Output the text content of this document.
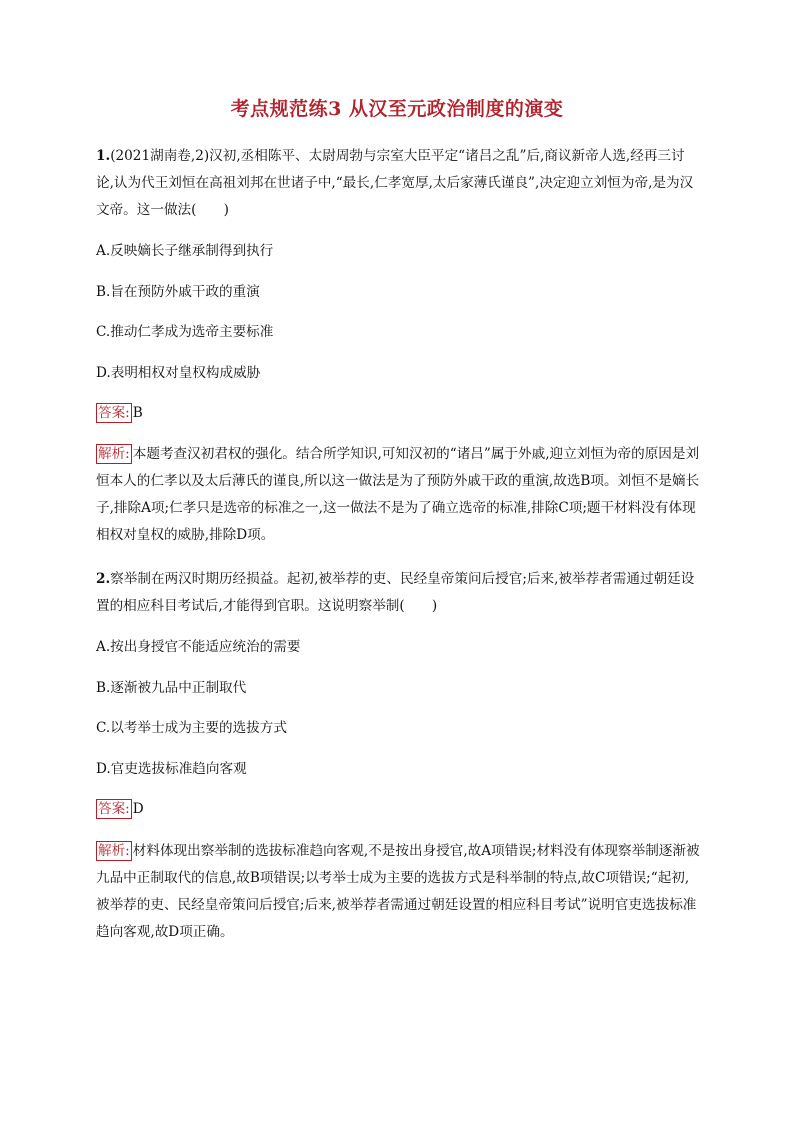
考点规范练3 从汉至元政治制度的演变
1.(2021湖南卷,2)汉初,丞相陈平、太尉周勃与宗室大臣平定“诸吕之乱”后,商议新帝人选,经再三讨论,认为代王刘恒在高祖刘邦在世诸子中,“最长,仁孝宽厚,太后家薄氏谨良”,决定迎立刘恒为帝,是为汉文帝。这一做法(　　)
A.反映嫡长子继承制得到执行
B.旨在预防外戚干政的重演
C.推动仁孝成为选帝主要标准
D.表明相权对皇权构成威胁
答案: B
解析: 本题考查汉初君权的强化。结合所学知识,可知汉初的“诸吕”属于外戚,迎立刘恒为帝的原因是刘恒本人的仁孝以及太后薄氏的谨良,所以这一做法是为了预防外戚干政的重演,故选B项。刘恒不是嫡长子,排除A项;仁孝只是选帝的标准之一,这一做法不是为了确立选帝的标准,排除C项;题干材料没有体现相权对皇权的威胁,排除D项。
2.察举制在两汉时期历经损益。起初,被举荐的吏、民经皇帝策问后授官;后来,被举荐者需通过朝廷设置的相应科目考试后,才能得到官职。这说明察举制(　　)
A.按出身授官不能适应统治的需要
B.逐渐被九品中正制取代
C.以考举士成为主要的选拔方式
D.官吏选拔标准趋向客观
答案: D
解析: 材料体现出察举制的选拔标准趋向客观,不是按出身授官,故A项错误;材料没有体现察举制逐渐被九品中正制取代的信息,故B项错误;以考举士成为主要的选拔方式是科举制的特点,故C项错误;“起初,被举荐的吏、民经皇帝策问后授官;后来,被举荐者需通过朝廷设置的相应科目考试”说明官吏选拔标准趋向客观,故D项正确。
